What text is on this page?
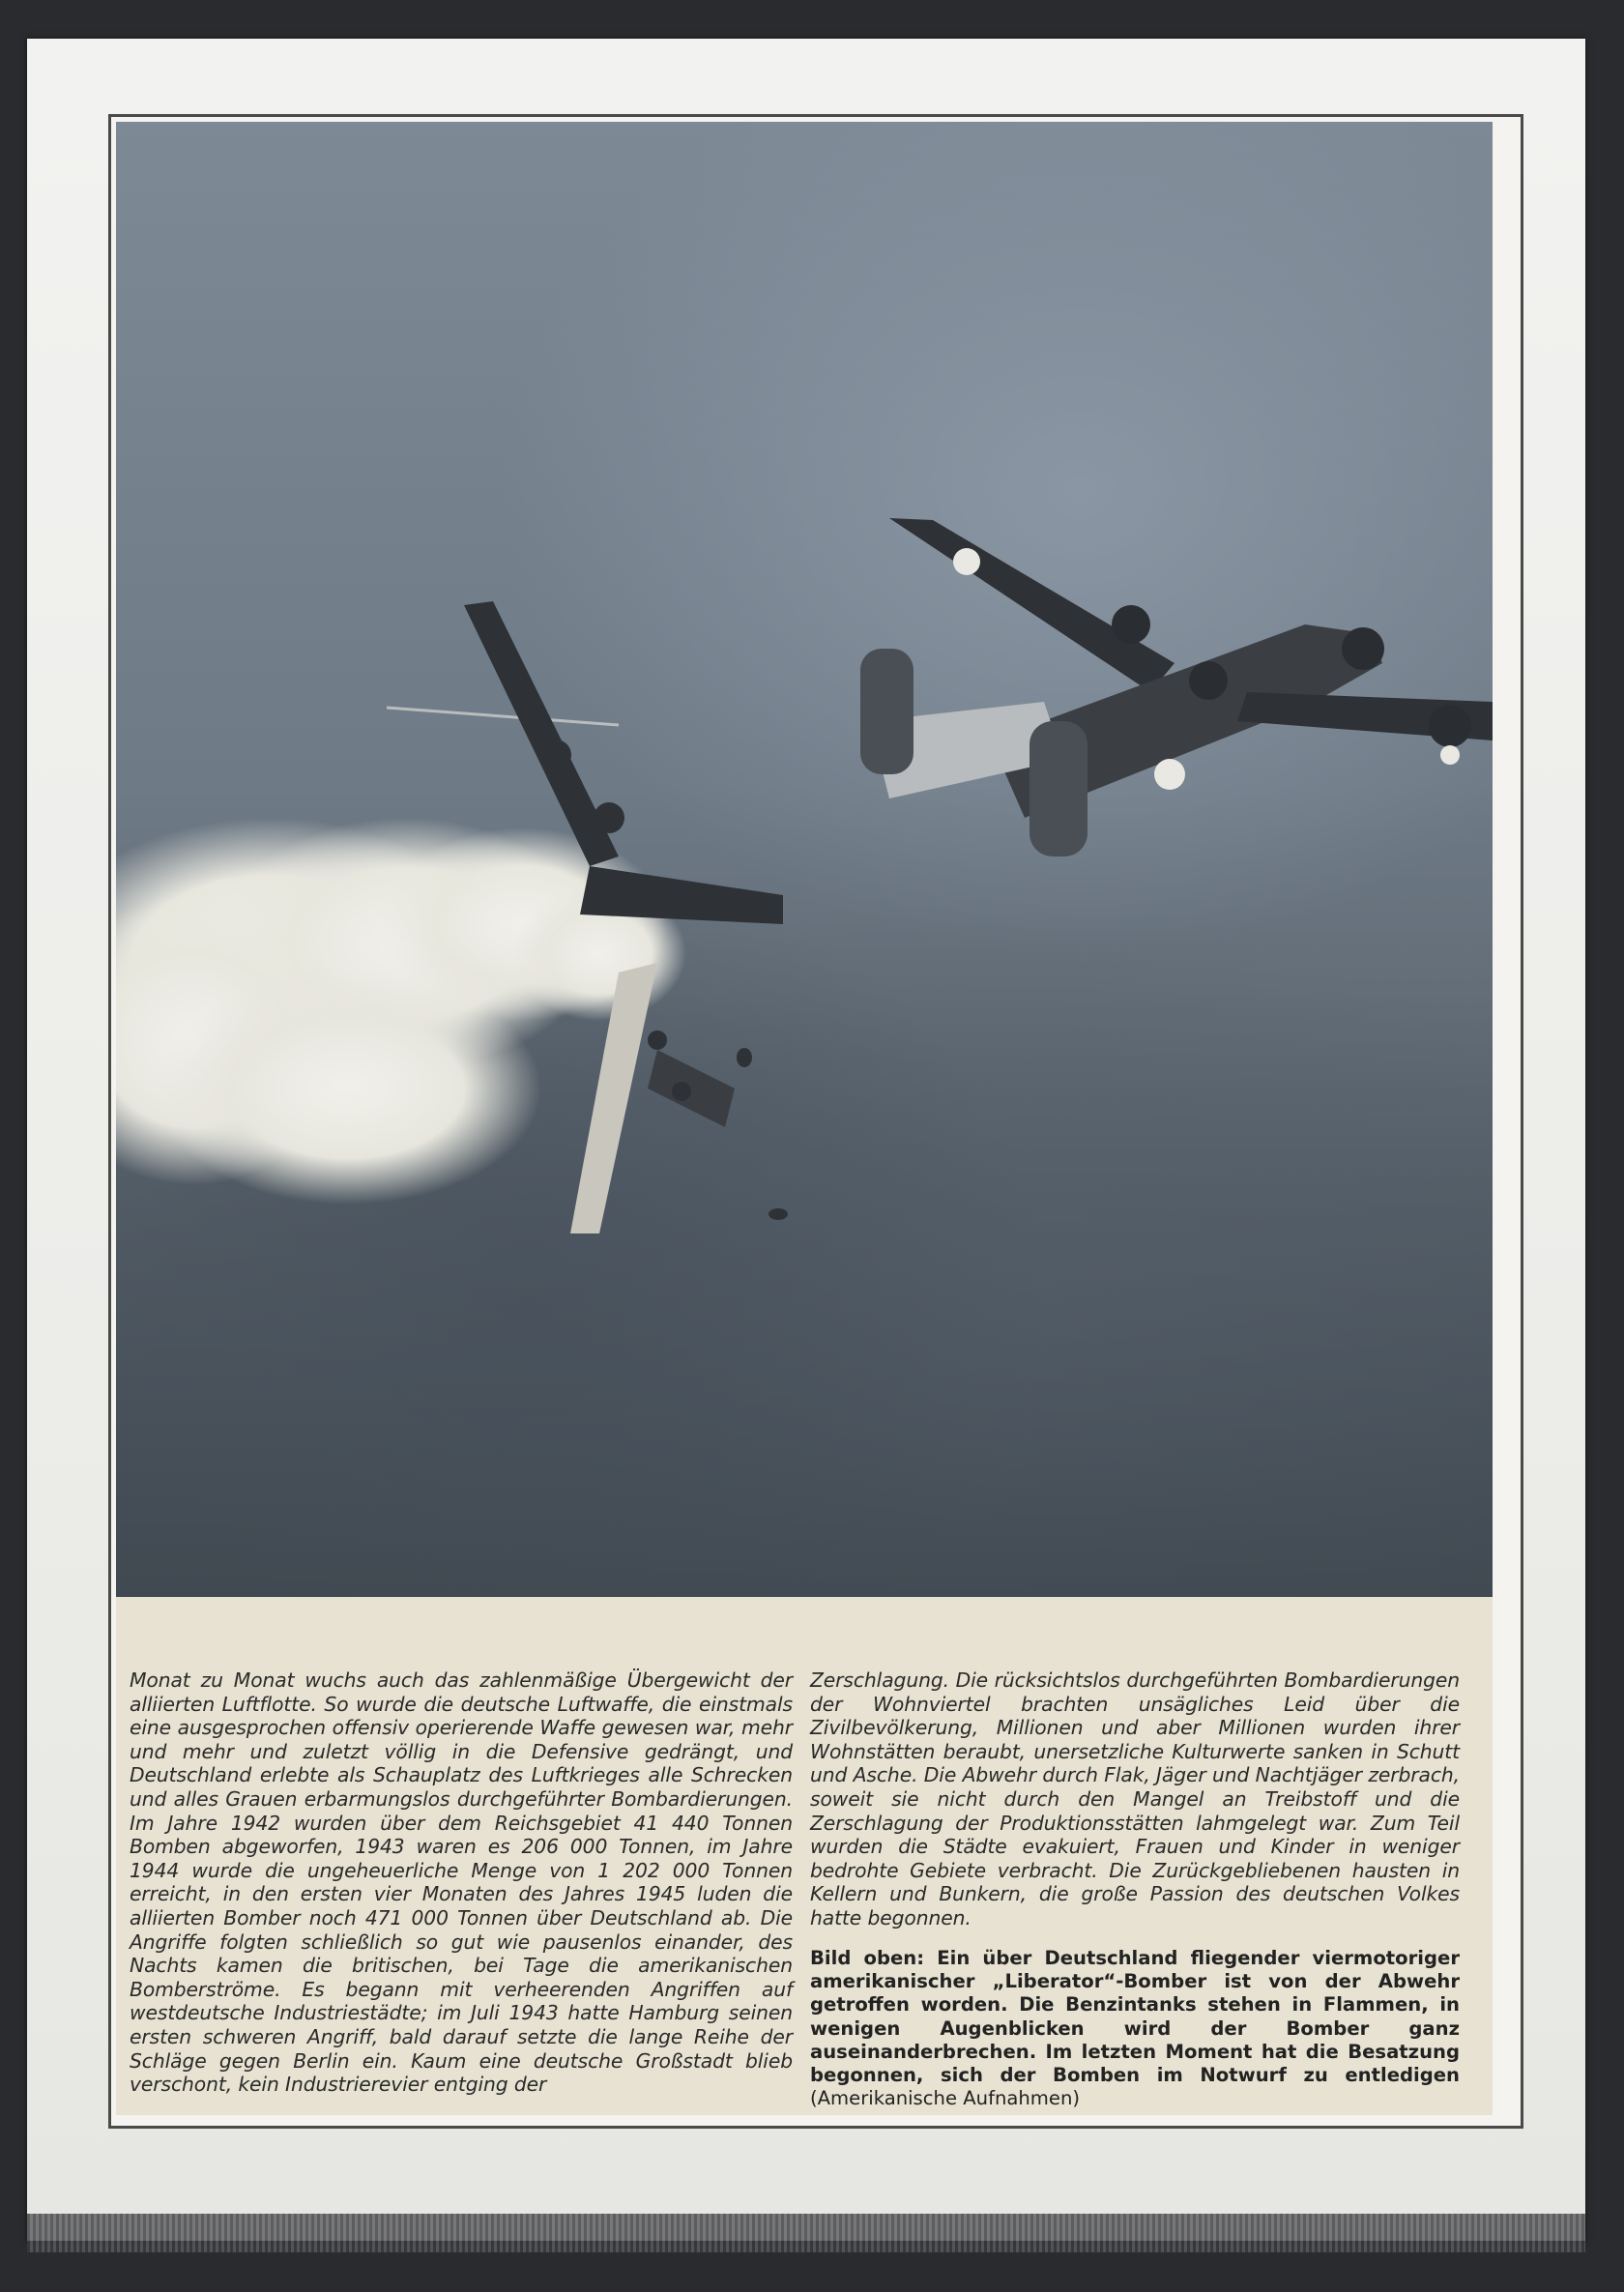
Monat zu Monat wuchs auch das zahlenmäßige Übergewicht der alliierten Luftflotte. So wurde die deutsche Luftwaffe, die einstmals eine ausgesprochen offensiv operierende Waffe gewesen war, mehr und mehr und zuletzt völlig in die Defensive gedrängt, und Deutschland erlebte als Schauplatz des Luftkrieges alle Schrecken und alles Grauen erbarmungslos durchgeführter Bombardierungen. Im Jahre 1942 wurden über dem Reichsgebiet 41 440 Tonnen Bomben abgeworfen, 1943 waren es 206 000 Tonnen, im Jahre 1944 wurde die ungeheuerliche Menge von 1 202 000 Tonnen erreicht, in den ersten vier Monaten des Jahres 1945 luden die alliierten Bomber noch 471 000 Tonnen über Deutschland ab. Die Angriffe folgten schließlich so gut wie pausenlos einander, des Nachts kamen die britischen, bei Tage die amerikanischen Bomberströme. Es begann mit verheerenden Angriffen auf westdeutsche Industriestädte; im Juli 1943 hatte Hamburg seinen ersten schweren Angriff, bald darauf setzte die lange Reihe der Schläge gegen Berlin ein. Kaum eine deutsche Großstadt blieb verschont, kein Industrierevier entging der

Zerschlagung. Die rücksichtslos durchgeführten Bombardierungen der Wohnviertel brachten unsägliches Leid über die Zivilbevölkerung, Millionen und aber Millionen wurden ihrer Wohnstätten beraubt, unersetzliche Kulturwerte sanken in Schutt und Asche. Die Abwehr durch Flak, Jäger und Nachtjäger zerbrach, soweit sie nicht durch den Mangel an Treibstoff und die Zerschlagung der Produktionsstätten lahmgelegt war. Zum Teil wurden die Städte evakuiert, Frauen und Kinder in weniger bedrohte Gebiete verbracht. Die Zurückgebliebenen hausten in Kellern und Bunkern, die große Passion des deutschen Volkes hatte begonnen.

Bild oben: Ein über Deutschland fliegender viermotoriger amerikanischer „Liberator“-Bomber ist von der Abwehr getroffen worden. Die Benzintanks stehen in Flammen, in wenigen Augenblicken wird der Bomber ganz auseinanderbrechen. Im letzten Moment hat die Besatzung begonnen, sich der Bomben im Notwurf zu entledigen (Amerikanische Aufnahmen)
